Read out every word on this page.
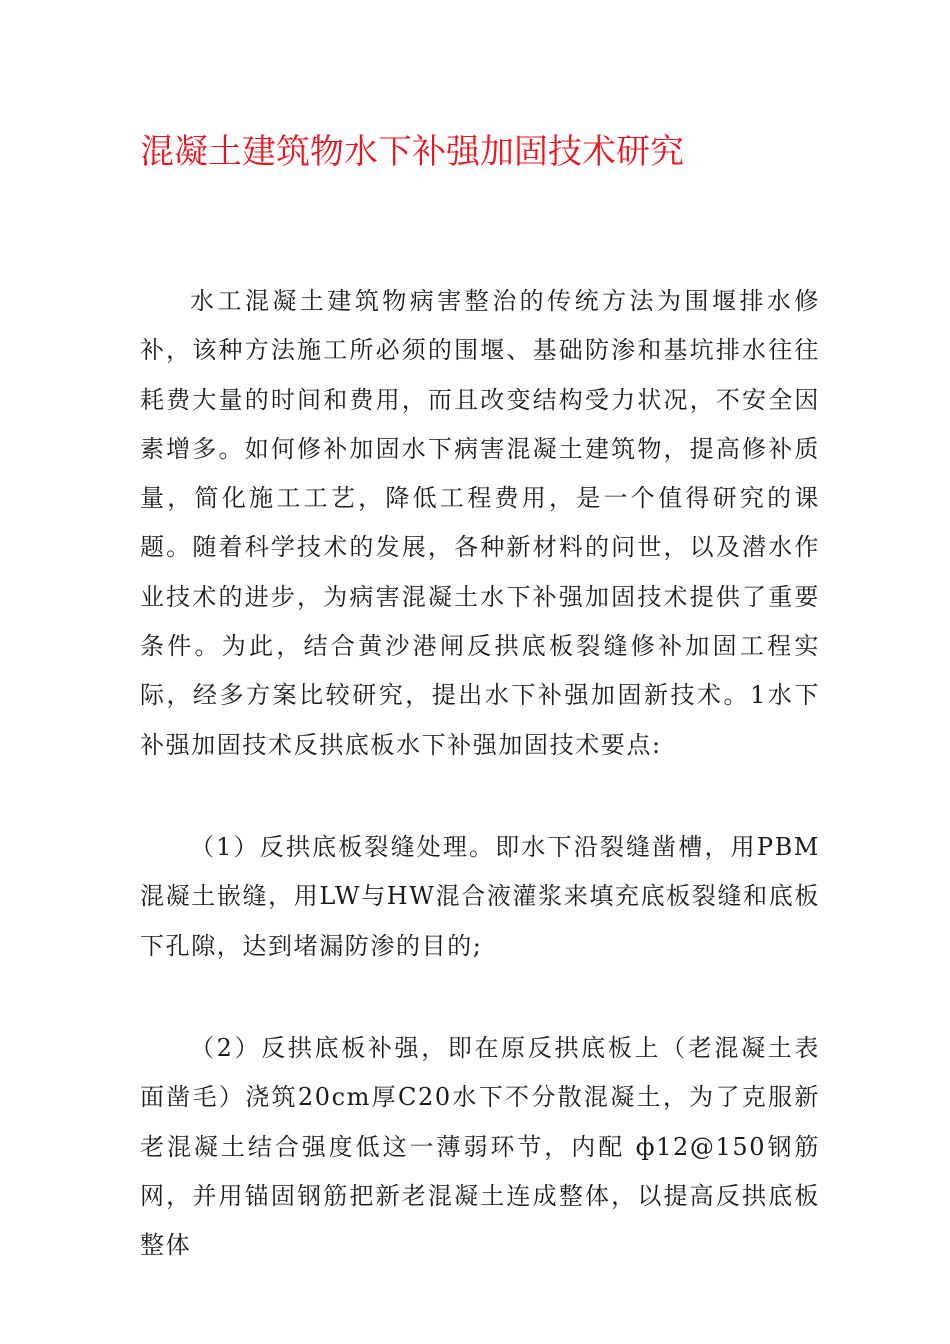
混凝土建筑物水下补强加固技术研究

水工混凝土建筑物病害整治的传统方法为围堰排水修补，该种方法施工所必须的围堰、基础防渗和基坑排水往往耗费大量的时间和费用，而且改变结构受力状况，不安全因素增多。如何修补加固水下病害混凝土建筑物，提高修补质量，简化施工工艺，降低工程费用，是一个值得研究的课题。随着科学技术的发展，各种新材料的问世，以及潜水作业技术的进步，为病害混凝土水下补强加固技术提供了重要条件。为此，结合黄沙港闸反拱底板裂缝修补加固工程实际，经多方案比较研究，提出水下补强加固新技术。1水下补强加固技术反拱底板水下补强加固技术要点:

（1）反拱底板裂缝处理。即水下沿裂缝凿槽，用PBM混凝土嵌缝，用LW与HW混合液灌浆来填充底板裂缝和底板下孔隙，达到堵漏防渗的目的;

（2）反拱底板补强，即在原反拱底板上（老混凝土表面凿毛）浇筑20cm厚C20水下不分散混凝土，为了克服新老混凝土结合强度低这一薄弱环节，内配 ф12@150钢筋网，并用锚固钢筋把新老混凝土连成整体，以提高反拱底板整体
